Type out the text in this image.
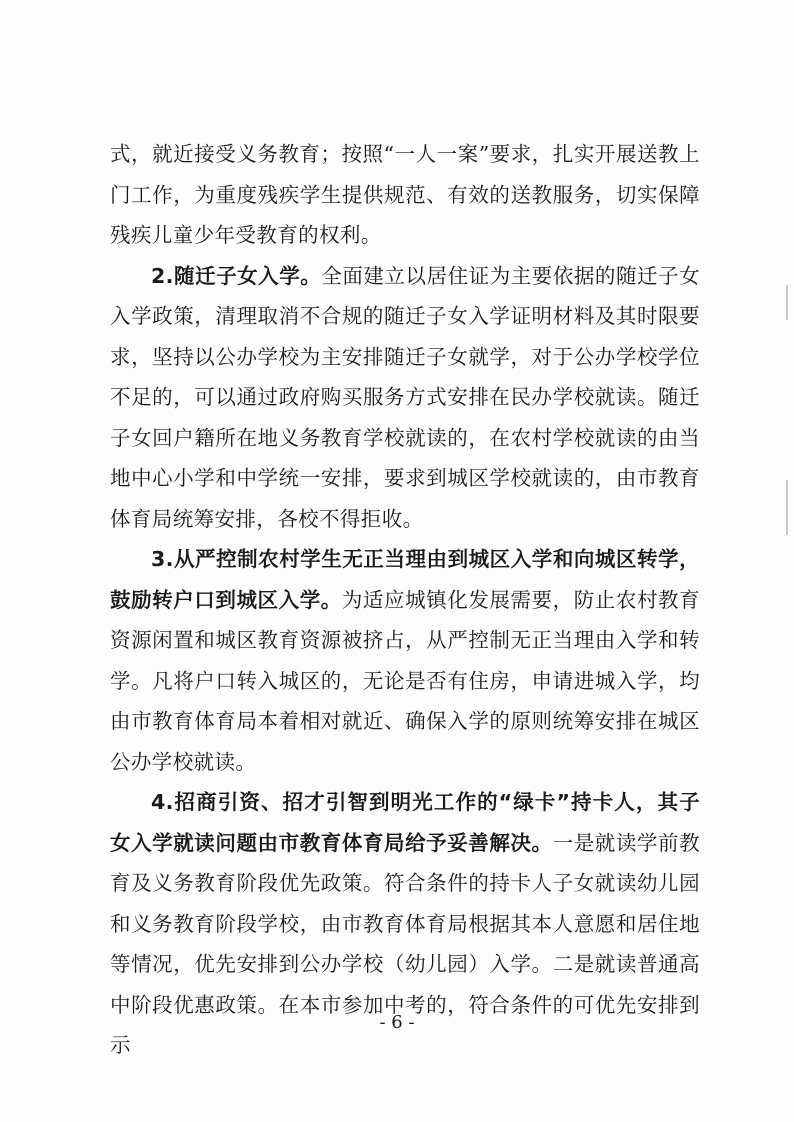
式，就近接受义务教育；按照“一人一案”要求，扎实开展送教上门工作，为重度残疾学生提供规范、有效的送教服务，切实保障残疾儿童少年受教育的权利。

2.随迁子女入学。全面建立以居住证为主要依据的随迁子女入学政策，清理取消不合规的随迁子女入学证明材料及其时限要求，坚持以公办学校为主安排随迁子女就学，对于公办学校学位不足的，可以通过政府购买服务方式安排在民办学校就读。随迁子女回户籍所在地义务教育学校就读的，在农村学校就读的由当地中心小学和中学统一安排，要求到城区学校就读的，由市教育体育局统筹安排，各校不得拒收。

3.从严控制农村学生无正当理由到城区入学和向城区转学，鼓励转户口到城区入学。为适应城镇化发展需要，防止农村教育资源闲置和城区教育资源被挤占，从严控制无正当理由入学和转学。凡将户口转入城区的，无论是否有住房，申请进城入学，均由市教育体育局本着相对就近、确保入学的原则统筹安排在城区公办学校就读。

4.招商引资、招才引智到明光工作的“绿卡”持卡人，其子女入学就读问题由市教育体育局给予妥善解决。一是就读学前教育及义务教育阶段优先政策。符合条件的持卡人子女就读幼儿园和义务教育阶段学校，由市教育体育局根据其本人意愿和居住地等情况，优先安排到公办学校（幼儿园）入学。二是就读普通高中阶段优惠政策。在本市参加中考的，符合条件的可优先安排到示

- 6 -
